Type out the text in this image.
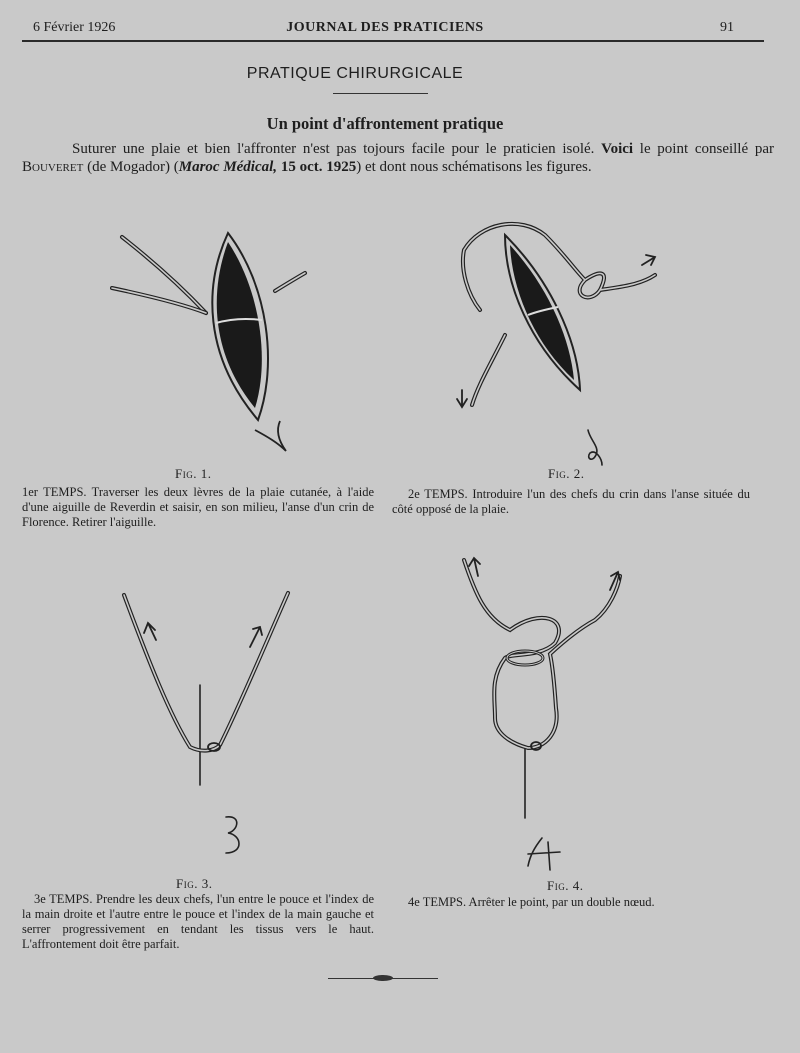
6 Février 1926	JOURNAL DES PRATICIENS	91
PRATIQUE CHIRURGICALE
Un point d'affrontement pratique
Suturer une plaie et bien l'affronter n'est pas tojours facile pour le praticien isolé. Voici le point conseillé par Bouveret (de Mogador) (Maroc Médical, 15 oct. 1925) et dont nous schématisons les figures.
Fig. 1.
1er TEMPS. Traverser les deux lèvres de la plaie cutanée, à l'aide d'une aiguille de Reverdin et saisir, en son milieu, l'anse d'un crin de Florence. Retirer l'aiguille.
Fig. 2.
2e TEMPS. Introduire l'un des chefs du crin dans l'anse située du côté opposé de la plaie.
Fig. 3.
3e TEMPS. Prendre les deux chefs, l'un entre le pouce et l'index de la main droite et l'autre entre le pouce et l'index de la main gauche et serrer progressivement en tendant les tissus vers le haut. L'affrontement doit être parfait.
Fig. 4.
4e TEMPS. Arrêter le point, par un double nœud.
